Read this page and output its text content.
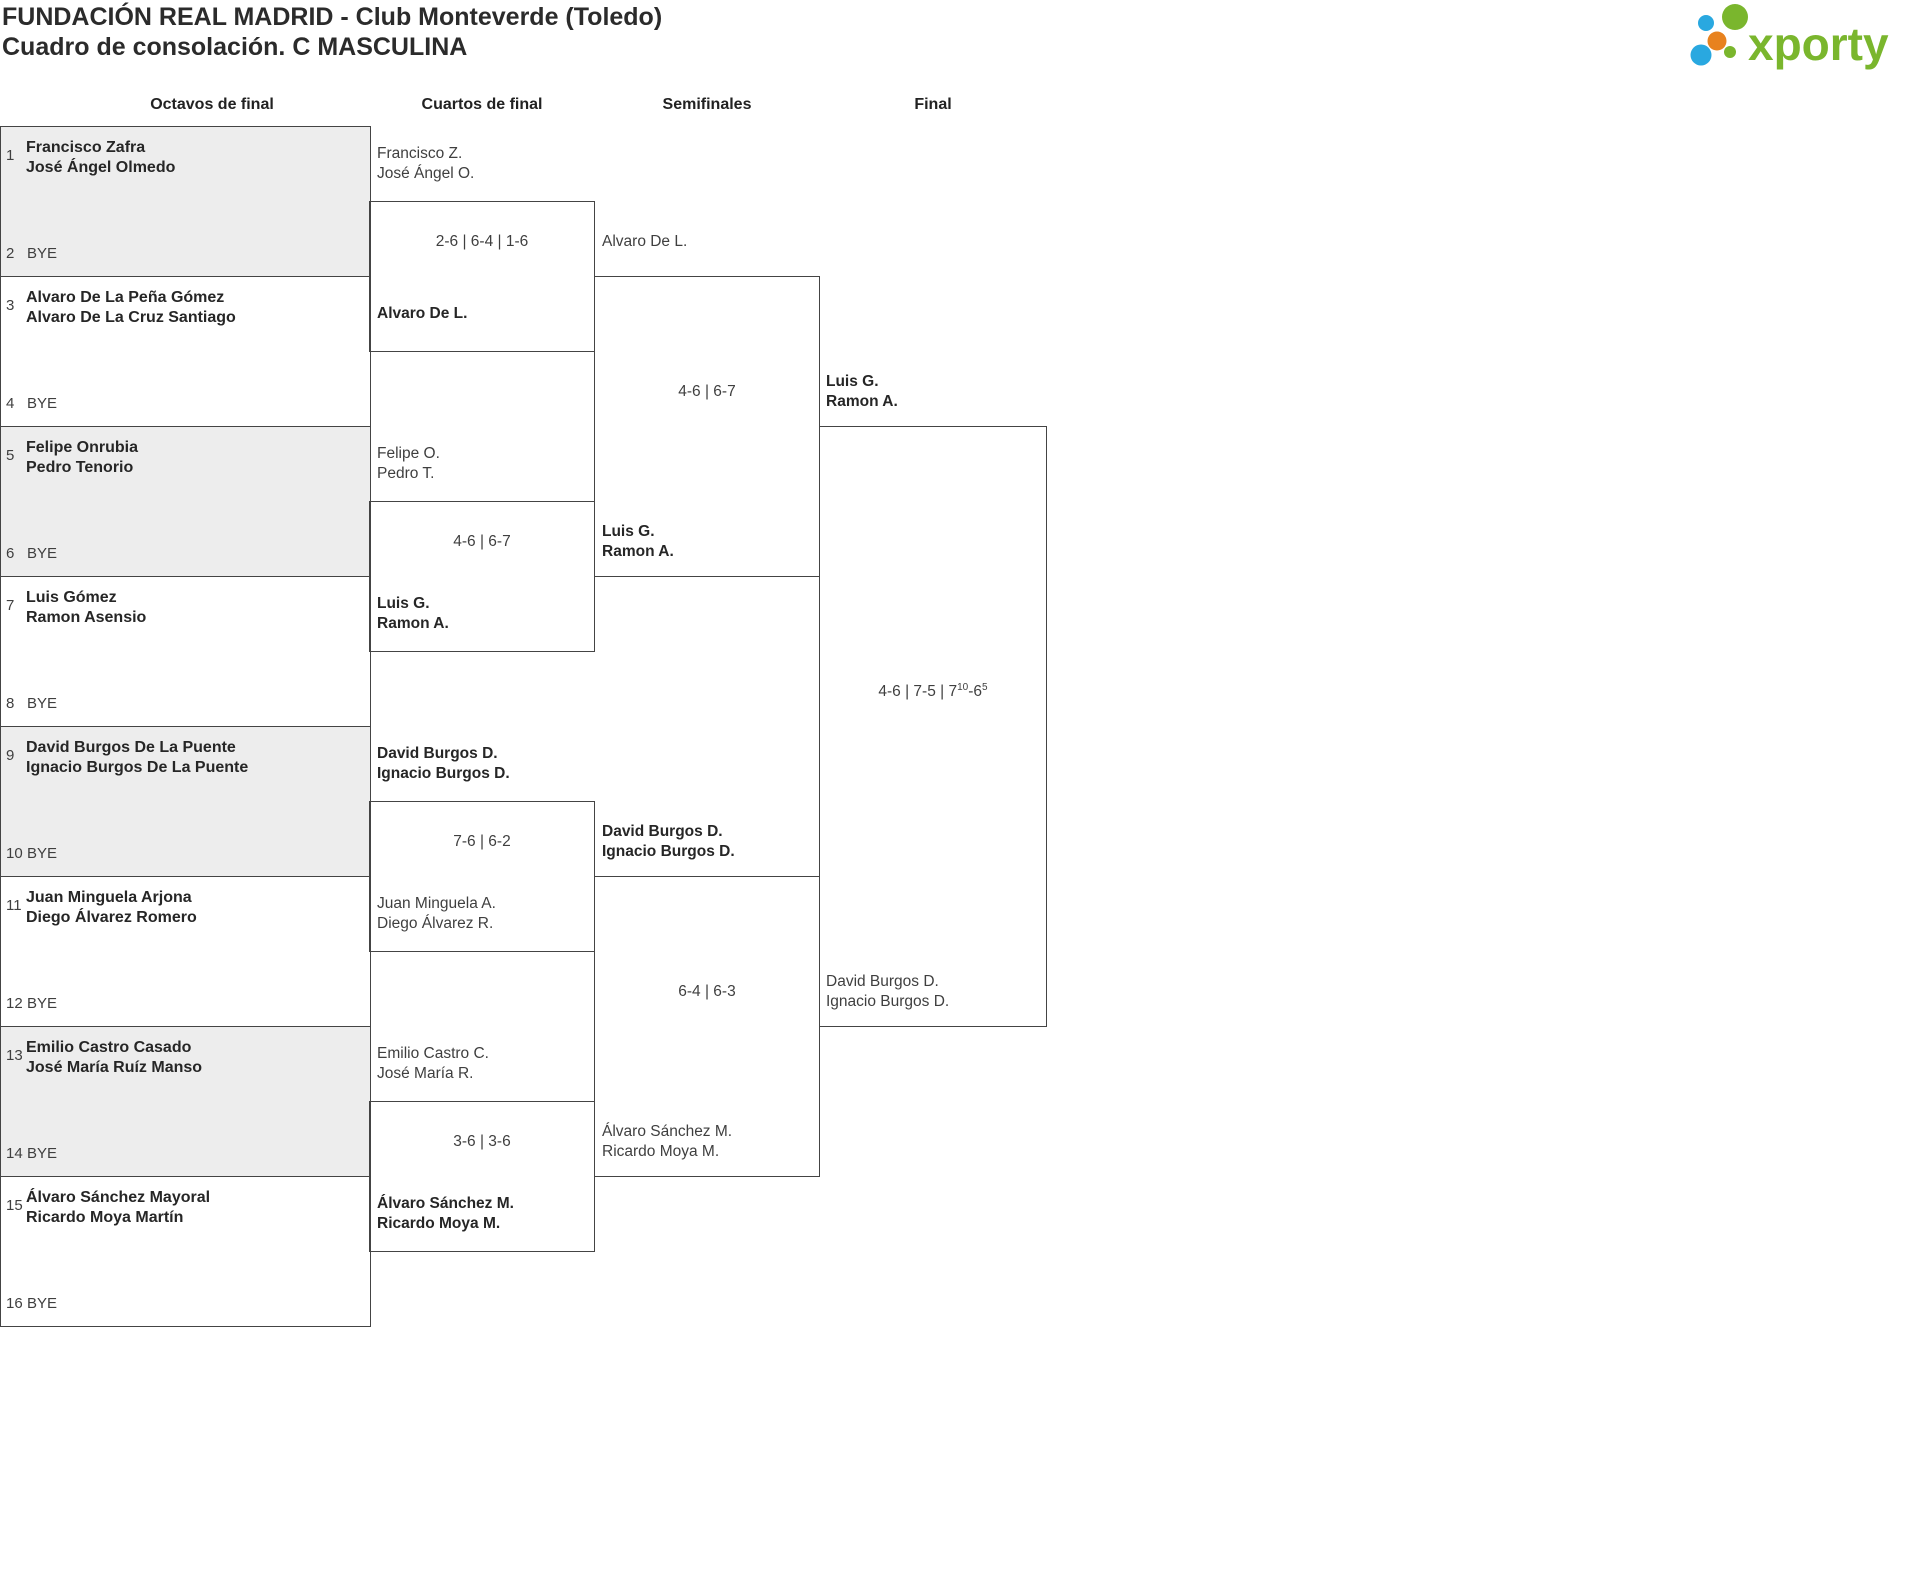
FUNDACIÓN REAL MADRID - Club Monteverde (Toledo)
Cuadro de consolación. C MASCULINA	xporty
Octavos de final	Cuartos de final	Semifinales	Final
1 Francisco Zafra
José Ángel Olmedo
2 BYE
3 Alvaro De La Peña Gómez
Alvaro De La Cruz Santiago
4 BYE
5 Felipe Onrubia
Pedro Tenorio
6 BYE
7 Luis Gómez
Ramon Asensio
8 BYE
9 David Burgos De La Puente
Ignacio Burgos De La Puente
10 BYE
11 Juan Minguela Arjona
Diego Álvarez Romero
12 BYE
13 Emilio Castro Casado
José María Ruíz Manso
14 BYE
15 Álvaro Sánchez Mayoral
Ricardo Moya Martín
16 BYE
Francisco Z.
José Ángel O.
Alvaro De L.
2-6 | 6-4 | 1-6
Felipe O.
Pedro T.
Luis G.
Ramon A.
4-6 | 6-7
David Burgos D.
Ignacio Burgos D.
Juan Minguela A.
Diego Álvarez R.
7-6 | 6-2
Emilio Castro C.
José María R.
Álvaro Sánchez M.
Ricardo Moya M.
3-6 | 3-6
Alvaro De L.
Luis G.
Ramon A.
4-6 | 6-7
David Burgos D.
Ignacio Burgos D.
Álvaro Sánchez M.
Ricardo Moya M.
6-4 | 6-3
Luis G.
Ramon A.
David Burgos D.
Ignacio Burgos D.
4-6 | 7-5 | $7^{10}-6^5$
